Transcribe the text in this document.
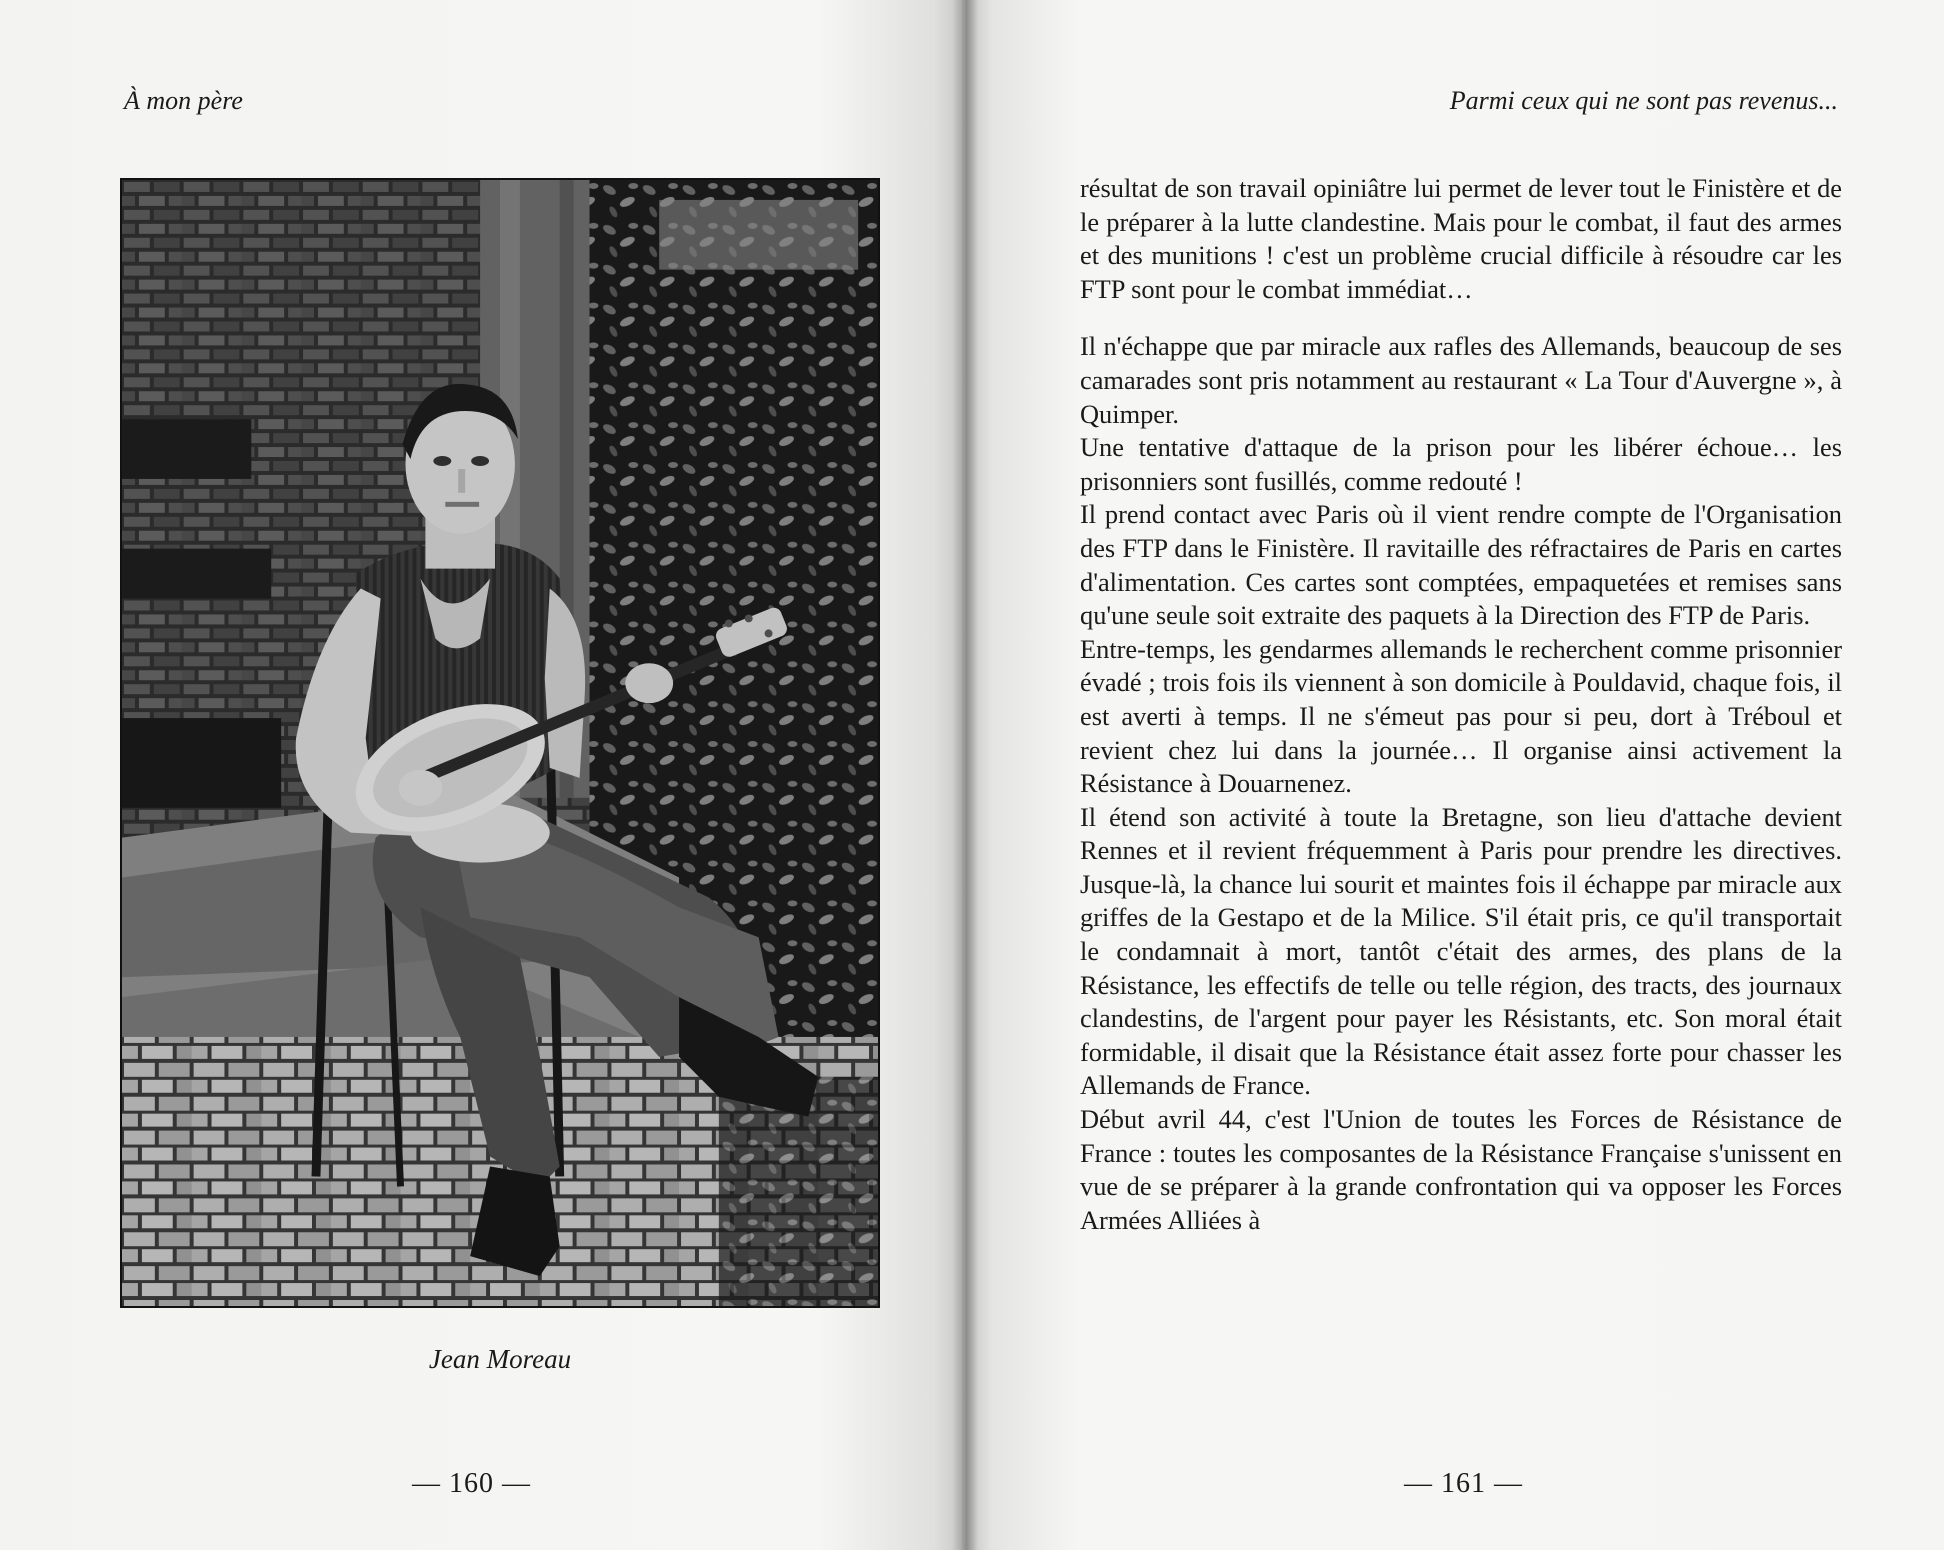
À mon père
Jean Moreau
— 160 —
Parmi ceux qui ne sont pas revenus...

résultat de son travail opiniâtre lui permet de lever tout le Finistère et de le préparer à la lutte clandestine. Mais pour le combat, il faut des armes et des munitions ! c'est un problème crucial difficile à résoudre car les FTP sont pour le combat immédiat…

Il n'échappe que par miracle aux rafles des Allemands, beaucoup de ses camarades sont pris notamment au restaurant « La Tour d'Auvergne », à Quimper.

Une tentative d'attaque de la prison pour les libérer échoue… les prisonniers sont fusillés, comme redouté !

Il prend contact avec Paris où il vient rendre compte de l'Organisation des FTP dans le Finistère. Il ravitaille des réfractaires de Paris en cartes d'alimentation. Ces cartes sont comptées, empaquetées et remises sans qu'une seule soit extraite des paquets à la Direction des FTP de Paris.

Entre-temps, les gendarmes allemands le recherchent comme prisonnier évadé ; trois fois ils viennent à son domicile à Pouldavid, chaque fois, il est averti à temps. Il ne s'émeut pas pour si peu, dort à Tréboul et revient chez lui dans la journée… Il organise ainsi activement la Résistance à Douarnenez.

Il étend son activité à toute la Bretagne, son lieu d'attache devient Rennes et il revient fréquemment à Paris pour prendre les directives. Jusque-là, la chance lui sourit et maintes fois il échappe par miracle aux griffes de la Gestapo et de la Milice. S'il était pris, ce qu'il transportait le condamnait à mort, tantôt c'était des armes, des plans de la Résistance, les effectifs de telle ou telle région, des tracts, des journaux clandestins, de l'argent pour payer les Résistants, etc. Son moral était formidable, il disait que la Résistance était assez forte pour chasser les Allemands de France.

Début avril 44, c'est l'Union de toutes les Forces de Résistance de France : toutes les composantes de la Résistance Française s'unissent en vue de se préparer à la grande confrontation qui va opposer les Forces Armées Alliées à

— 161 —
